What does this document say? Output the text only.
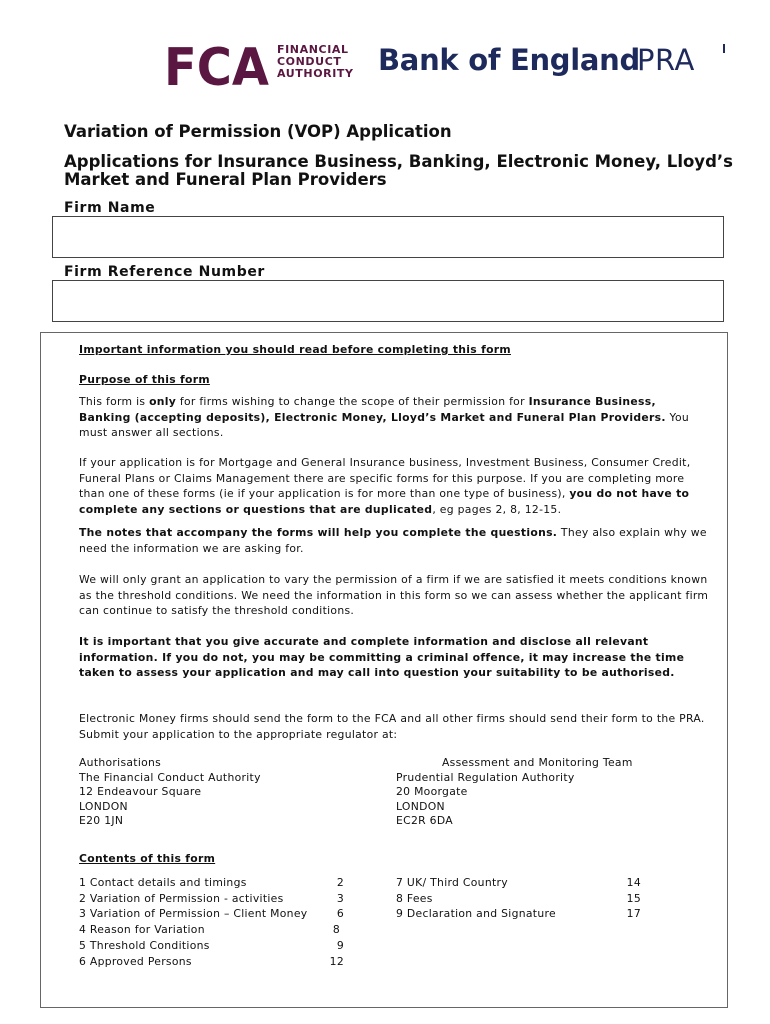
FCA FINANCIAL
CONDUCT
AUTHORITY Bank of England
PRA
Variation of Permission (VOP) Application
Applications for Insurance Business, Banking, Electronic Money, Lloyd’s Market and Funeral Plan Providers
Firm Name
Firm Reference Number
Important information you should read before completing this form
Purpose of this form
This form is only for firms wishing to change the scope of their permission for Insurance Business, Banking (accepting deposits), Electronic Money, Lloyd’s Market and Funeral Plan Providers. You must answer all sections.
If your application is for Mortgage and General Insurance business, Investment Business, Consumer Credit, Funeral Plans or Claims Management there are specific forms for this purpose. If you are completing more than one of these forms (ie if your application is for more than one type of business), you do not have to complete any sections or questions that are duplicated, eg pages 2, 8, 12-15.
The notes that accompany the forms will help you complete the questions. They also explain why we need the information we are asking for.
We will only grant an application to vary the permission of a firm if we are satisfied it meets conditions known as the threshold conditions. We need the information in this form so we can assess whether the applicant firm can continue to satisfy the threshold conditions.
It is important that you give accurate and complete information and disclose all relevant information. If you do not, you may be committing a criminal offence, it may increase the time taken to assess your application and may call into question your suitability to be authorised.
Electronic Money firms should send the form to the FCA and all other firms should send their form to the PRA. Submit your application to the appropriate regulator at:
Authorisations
The Financial Conduct Authority
12 Endeavour Square
LONDON
E20 1JN
Assessment and Monitoring Team
Prudential Regulation Authority
20 Moorgate
LONDON
EC2R 6DA
Contents of this form
1 Contact details and timings	2
2 Variation of Permission - activities	3
3 Variation of Permission – Client Money	6
4 Reason for Variation	8
5 Threshold Conditions	9
6 Approved Persons	12
7 UK/ Third Country	14
8 Fees	15
9 Declaration and Signature	17
